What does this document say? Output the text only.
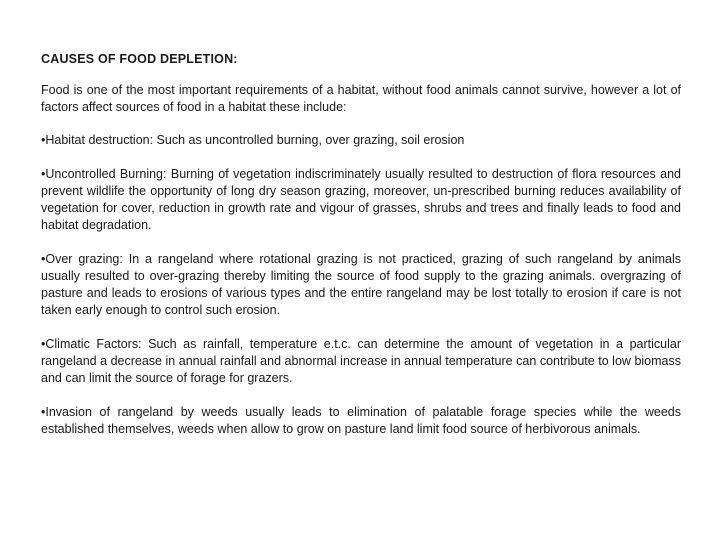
CAUSES OF FOOD DEPLETION:

Food is one of the most important requirements of a habitat, without food animals cannot survive, however a lot of factors affect sources of food in a habitat these include:

•Habitat destruction: Such as uncontrolled burning, over grazing, soil erosion

•Uncontrolled Burning: Burning of vegetation indiscriminately usually resulted to destruction of flora resources and prevent wildlife the opportunity of long dry season grazing, moreover, un-prescribed burning reduces availability of vegetation for cover, reduction in growth rate and vigour of grasses, shrubs and trees and finally leads to food and habitat degradation.

•Over grazing: In a rangeland where rotational grazing is not practiced, grazing of such rangeland by animals usually resulted to over-grazing thereby limiting the source of food supply to the grazing animals. overgrazing of pasture and leads to erosions of various types and the entire rangeland may be lost totally to erosion if care is not taken early enough to control such erosion.

•Climatic Factors: Such as rainfall, temperature e.t.c. can determine the amount of vegetation in a particular rangeland a decrease in annual rainfall and abnormal increase in annual temperature can contribute to low biomass and can limit the source of forage for grazers.

•Invasion of rangeland by weeds usually leads to elimination of palatable forage species while the weeds established themselves, weeds when allow to grow on pasture land limit food source of herbivorous animals.
